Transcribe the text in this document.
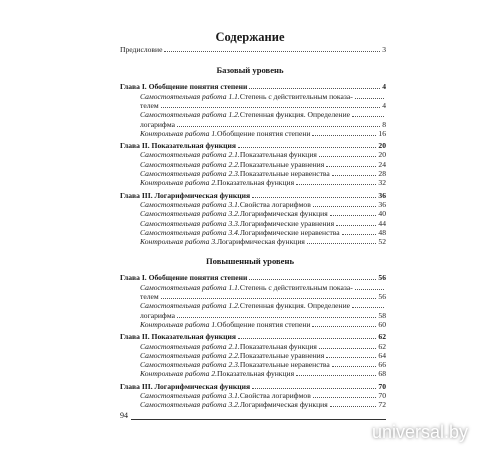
Содержание
Предисловие	3
Базовый уровень
Глава I. Обобщение понятия степени	4
Самостоятельная работа 1.1. Степень с действительным показа-
телем	4
Самостоятельная работа 1.2. Степенная функция. Определение
логарифма	8
Контрольная работа 1. Обобщение понятия степени	16
Глава II. Показательная функция	20
Самостоятельная работа 2.1. Показательная функция	20
Самостоятельная работа 2.2. Показательные уравнения	24
Самостоятельная работа 2.3. Показательные неравенства	28
Контрольная работа 2. Показательная функция	32
Глава III. Логарифмическая функция	36
Самостоятельная работа 3.1. Свойства логарифмов	36
Самостоятельная работа 3.2. Логарифмическая функция	40
Самостоятельная работа 3.3. Логарифмические уравнения	44
Самостоятельная работа 3.4. Логарифмические неравенства	48
Контрольная работа 3. Логарифмическая функция	52
Повышенный уровень
Глава I. Обобщение понятия степени	56
Самостоятельная работа 1.1. Степень с действительным показа-
телем	56
Самостоятельная работа 1.2. Степенная функция. Определение
логарифма	58
Контрольная работа 1. Обобщение понятия степени	60
Глава II. Показательная функция	62
Самостоятельная работа 2.1. Показательная функция	62
Самостоятельная работа 2.2. Показательные уравнения	64
Самостоятельная работа 2.3. Показательные неравенства	66
Контрольная работа 2. Показательная функция	68
Глава III. Логарифмическая функция	70
Самостоятельная работа 3.1. Свойства логарифмов	70
Самостоятельная работа 3.2. Логарифмическая функция	72
94
universal.by
